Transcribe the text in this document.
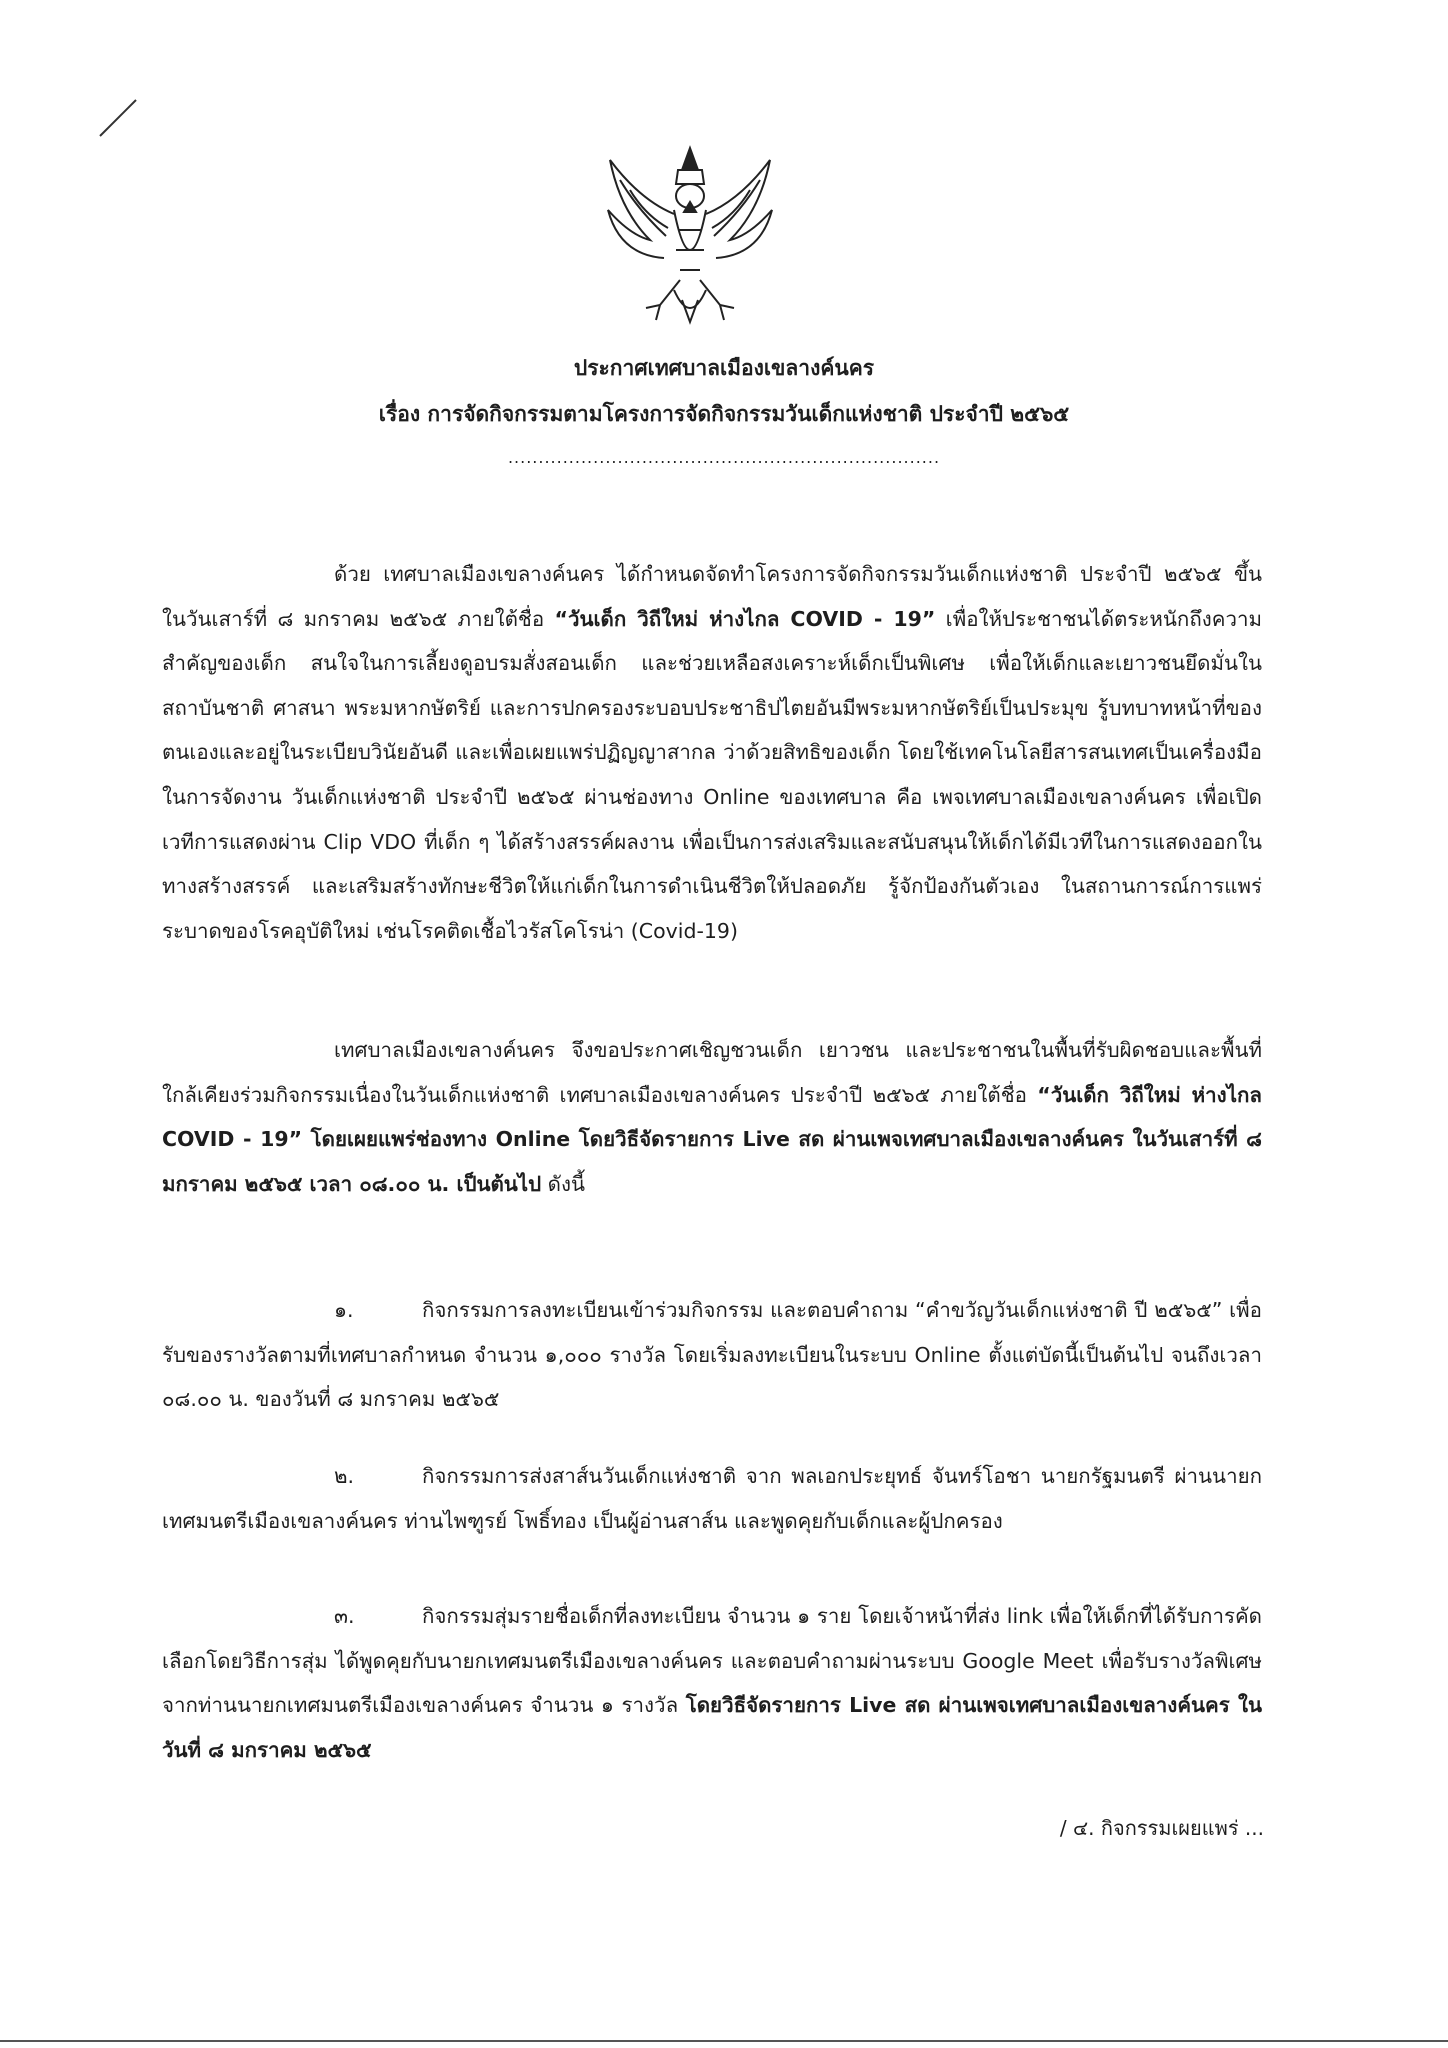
ประกาศเทศบาลเมืองเขลางค์นคร
เรื่อง การจัดกิจกรรมตามโครงการจัดกิจกรรมวันเด็กแห่งชาติ ประจำปี ๒๕๖๕
.......................................................................
ด้วย เทศบาลเมืองเขลางค์นคร ได้กำหนดจัดทำโครงการจัดกิจกรรมวันเด็กแห่งชาติ ประจำปี ๒๕๖๕ ขึ้น ในวันเสาร์ที่ ๘ มกราคม ๒๕๖๕ ภายใต้ชื่อ “วันเด็ก วิถีใหม่ ห่างไกล COVID - 19” เพื่อให้ประชาชนได้ตระหนักถึงความสำคัญของเด็ก สนใจในการเลี้ยงดูอบรมสั่งสอนเด็ก และช่วยเหลือสงเคราะห์เด็กเป็นพิเศษ เพื่อให้เด็กและเยาวชนยึดมั่นในสถาบันชาติ ศาสนา พระมหากษัตริย์ และการปกครองระบอบประชาธิปไตยอันมีพระมหากษัตริย์เป็นประมุข รู้บทบาทหน้าที่ของตนเองและอยู่ในระเบียบวินัยอันดี และเพื่อเผยแพร่ปฏิญญาสากล ว่าด้วยสิทธิของเด็ก โดยใช้เทคโนโลยีสารสนเทศเป็นเครื่องมือในการจัดงาน วันเด็กแห่งชาติ ประจำปี ๒๕๖๕ ผ่านช่องทาง Online ของเทศบาล คือ เพจเทศบาลเมืองเขลางค์นคร เพื่อเปิดเวทีการแสดงผ่าน Clip VDO ที่เด็ก ๆ ได้สร้างสรรค์ผลงาน เพื่อเป็นการส่งเสริมและสนับสนุนให้เด็กได้มีเวทีในการแสดงออกในทางสร้างสรรค์ และเสริมสร้างทักษะชีวิตให้แก่เด็กในการดำเนินชีวิตให้ปลอดภัย รู้จักป้องกันตัวเอง ในสถานการณ์การแพร่ระบาดของโรคอุบัติใหม่ เช่นโรคติดเชื้อไวรัสโคโรน่า (Covid-19)
เทศบาลเมืองเขลางค์นคร จึงขอประกาศเชิญชวนเด็ก เยาวชน และประชาชนในพื้นที่รับผิดชอบและพื้นที่ใกล้เคียงร่วมกิจกรรมเนื่องในวันเด็กแห่งชาติ เทศบาลเมืองเขลางค์นคร ประจำปี ๒๕๖๕ ภายใต้ชื่อ “วันเด็ก วิถีใหม่ ห่างไกล COVID - 19” โดยเผยแพร่ช่องทาง Online โดยวิธีจัดรายการ Live สด ผ่านเพจเทศบาลเมืองเขลางค์นคร ในวันเสาร์ที่ ๘ มกราคม ๒๕๖๕ เวลา ๐๘.๐๐ น. เป็นต้นไป ดังนี้
๑.	กิจกรรมการลงทะเบียนเข้าร่วมกิจกรรม และตอบคำถาม “คำขวัญวันเด็กแห่งชาติ ปี ๒๕๖๕” เพื่อรับของรางวัลตามที่เทศบาลกำหนด จำนวน ๑,๐๐๐ รางวัล โดยเริ่มลงทะเบียนในระบบ Online ตั้งแต่บัดนี้เป็นต้นไป จนถึงเวลา ๐๘.๐๐ น. ของวันที่ ๘ มกราคม ๒๕๖๕
๒.	กิจกรรมการส่งสาส์นวันเด็กแห่งชาติ จาก พลเอกประยุทธ์ จันทร์โอชา นายกรัฐมนตรี ผ่านนายกเทศมนตรีเมืองเขลางค์นคร ท่านไพฑูรย์ โพธิ์ทอง เป็นผู้อ่านสาส์น และพูดคุยกับเด็กและผู้ปกครอง
๓.	กิจกรรมสุ่มรายชื่อเด็กที่ลงทะเบียน จำนวน ๑ ราย โดยเจ้าหน้าที่ส่ง link เพื่อให้เด็กที่ได้รับการคัดเลือกโดยวิธีการสุ่ม ได้พูดคุยกับนายกเทศมนตรีเมืองเขลางค์นคร และตอบคำถามผ่านระบบ Google Meet เพื่อรับรางวัลพิเศษจากท่านนายกเทศมนตรีเมืองเขลางค์นคร จำนวน ๑ รางวัล โดยวิธีจัดรายการ Live สด ผ่านเพจเทศบาลเมืองเขลางค์นคร ในวันที่ ๘ มกราคม ๒๕๖๕
/ ๔. กิจกรรมเผยแพร่ ...
